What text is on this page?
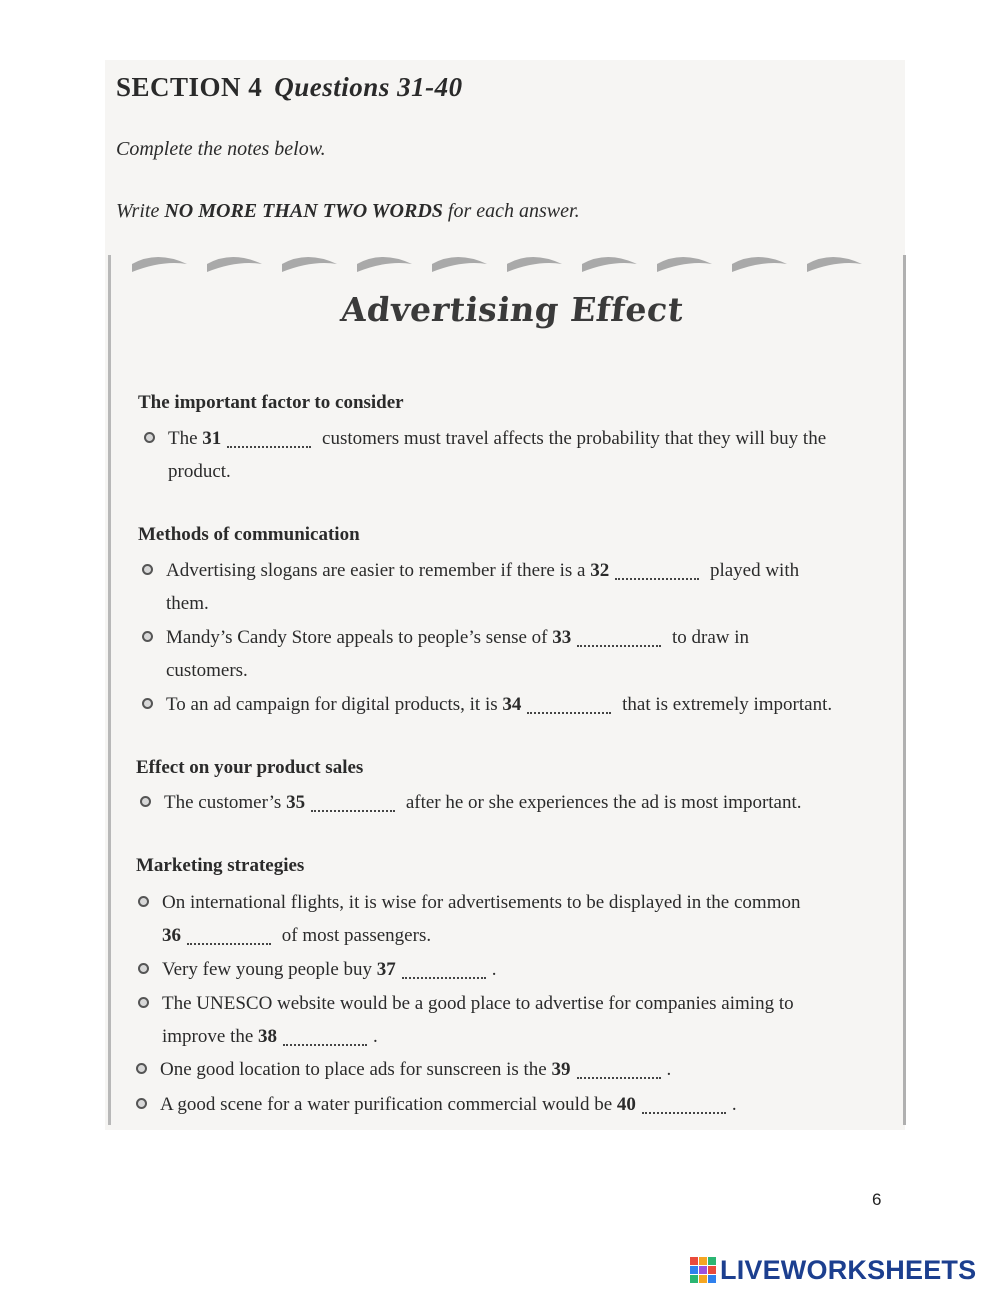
SECTION 4 Questions 31-40
Complete the notes below.
Write NO MORE THAN TWO WORDS for each answer.
Advertising Effect
The important factor to consider
The 31	customers must travel affects the probability that they will buy the
product.
Methods of communication
Advertising slogans are easier to remember if there is a 32	played with
them.
Mandy’s Candy Store appeals to people’s sense of 33	to draw in
customers.
To an ad campaign for digital products, it is 34	that is extremely important.
Effect on your product sales
The customer’s 35	after he or she experiences the ad is most important.
Marketing strategies
On international flights, it is wise for advertisements to be displayed in the common
36	of most passengers.
Very few young people buy 37	.
The UNESCO website would be a good place to advertise for companies aiming to
improve the 38	.
One good location to place ads for sunscreen is the 39	.
A good scene for a water purification commercial would be 40	.
6
LIVEWORKSHEETS
